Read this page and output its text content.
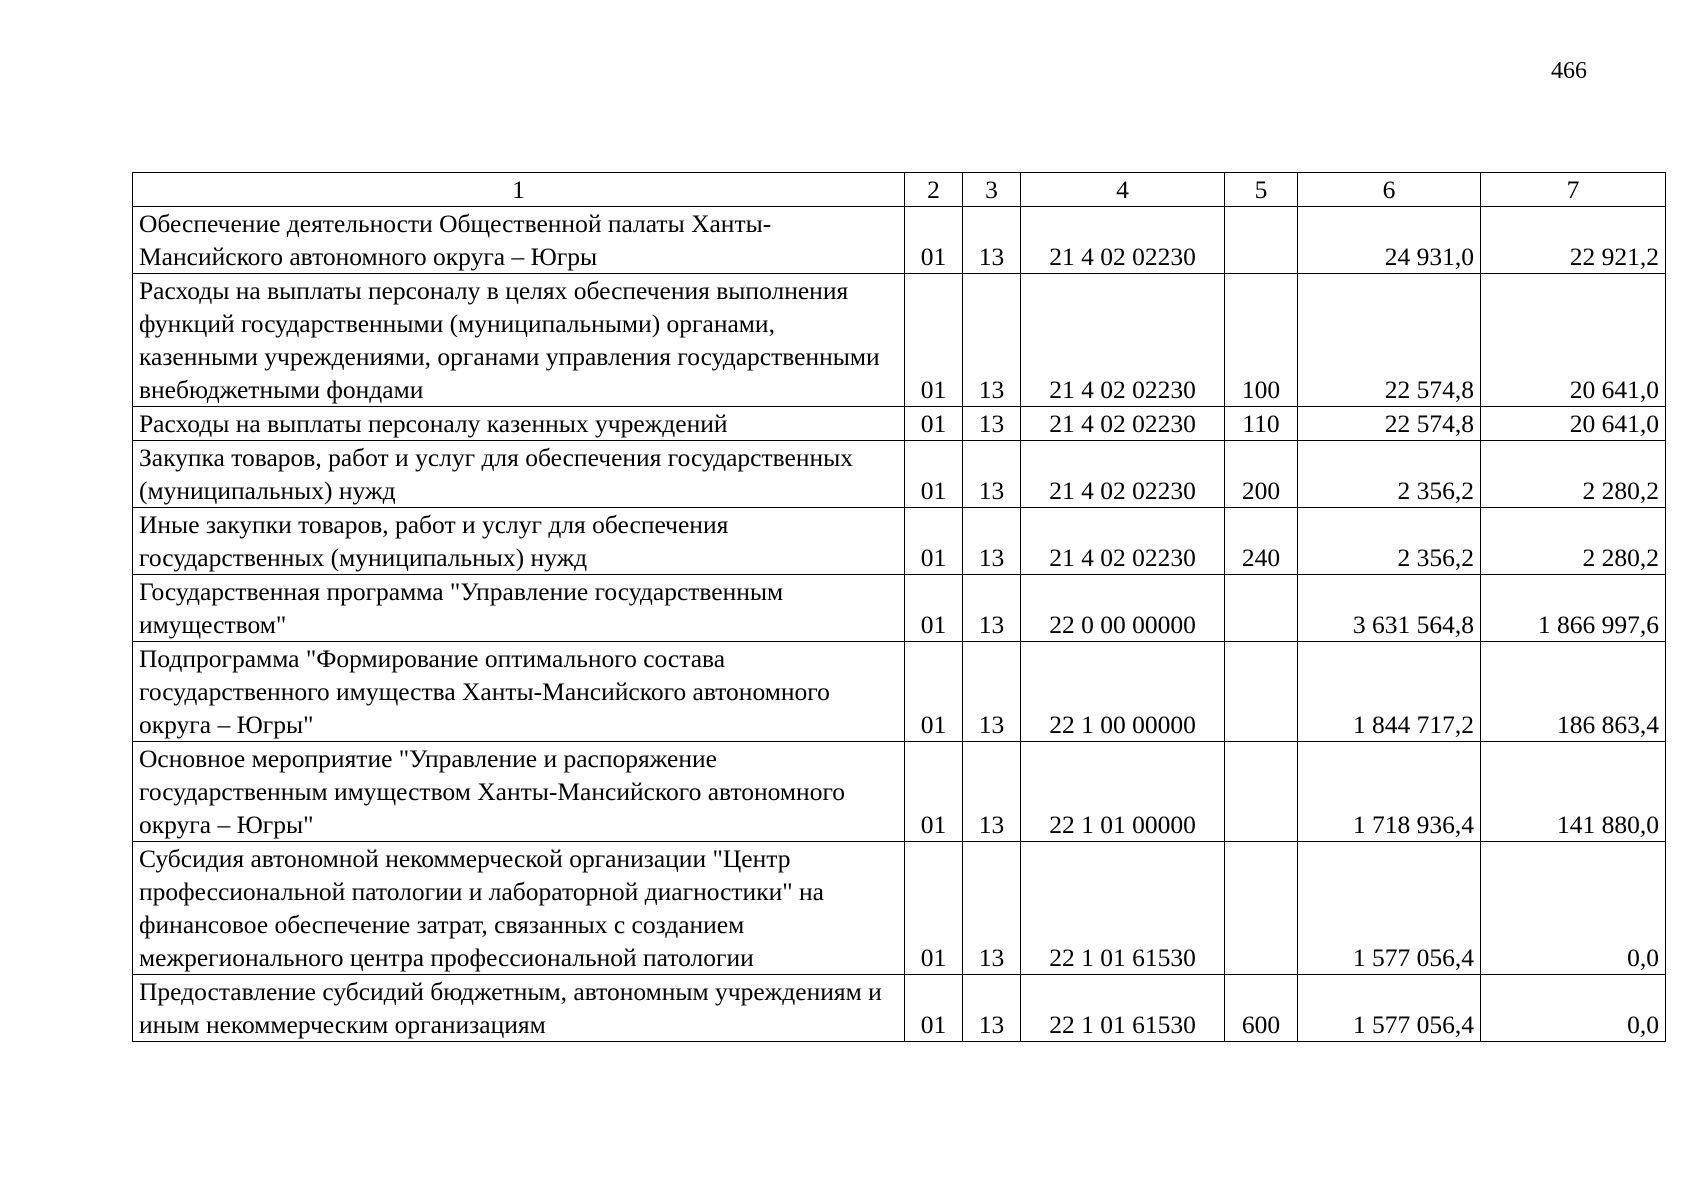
466
1	2	3	4	5	6	7
Обеспечение деятельности Общественной палаты Ханты-Мансийского автономного округа – Югры	01	13	21 4 02 02230		24 931,0	22 921,2
Расходы на выплаты персоналу в целях обеспечения выполнения функций государственными (муниципальными) органами, казенными учреждениями, органами управления государственными внебюджетными фондами	01	13	21 4 02 02230	100	22 574,8	20 641,0
Расходы на выплаты персоналу казенных учреждений	01	13	21 4 02 02230	110	22 574,8	20 641,0
Закупка товаров, работ и услуг для обеспечения государственных (муниципальных) нужд	01	13	21 4 02 02230	200	2 356,2	2 280,2
Иные закупки товаров, работ и услуг для обеспечения государственных (муниципальных) нужд	01	13	21 4 02 02230	240	2 356,2	2 280,2
Государственная программа "Управление государственным имуществом"	01	13	22 0 00 00000		3 631 564,8	1 866 997,6
Подпрограмма "Формирование оптимального состава государственного имущества Ханты-Мансийского автономного округа – Югры"	01	13	22 1 00 00000		1 844 717,2	186 863,4
Основное мероприятие "Управление и распоряжение государственным имуществом Ханты-Мансийского автономного округа – Югры"	01	13	22 1 01 00000		1 718 936,4	141 880,0
Субсидия автономной некоммерческой организации "Центр профессиональной патологии и лабораторной диагностики" на финансовое обеспечение затрат, связанных с созданием межрегионального центра профессиональной патологии	01	13	22 1 01 61530		1 577 056,4	0,0
Предоставление субсидий бюджетным, автономным учреждениям и иным некоммерческим организациям	01	13	22 1 01 61530	600	1 577 056,4	0,0
